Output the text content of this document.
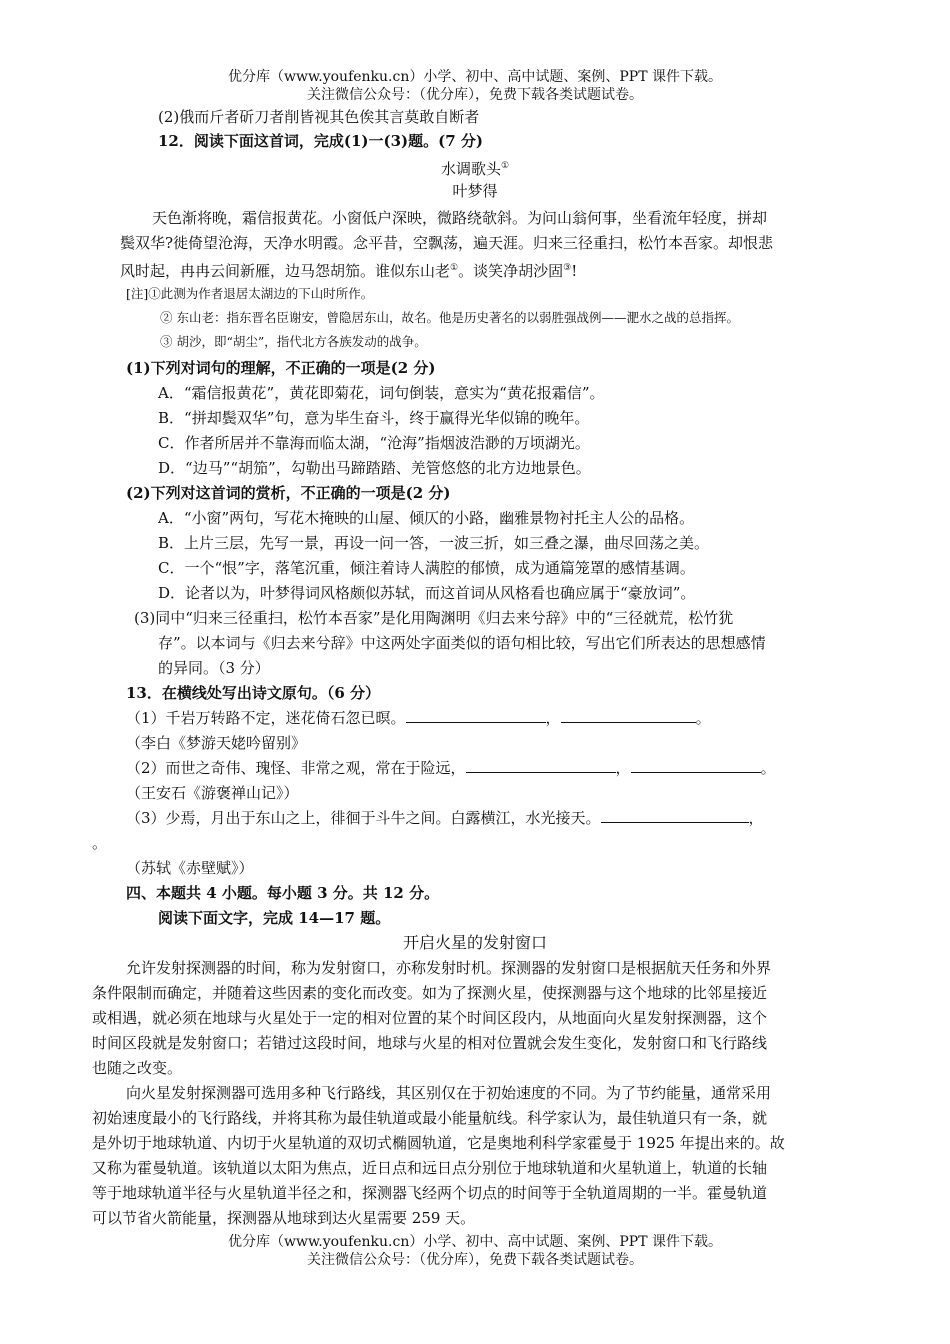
优分库（www.youfenku.cn）小学、初中、高中试题、案例、PPT 课件下载。
关注微信公众号：（优分库），免费下载各类试题试卷。
(2)俄而斤者斫刀者削皆视其色俟其言莫敢自断者
12．阅读下面这首词，完成(1)一(3)题。(7 分)
水调歌头①
叶梦得
天色渐将晚，霜信报黄花。小窗低户深映，微路绕欹斜。为问山翁何事，坐看流年轻度，拼却
鬓双华?徙倚望沧海，天净水明霞。念平昔，空飘荡，遍天涯。归来三径重扫，松竹本吾家。却恨悲
风时起，冉冉云间新雁，边马怨胡笳。谁似东山老①。谈笑净胡沙固③!
[注]①此测为作者退居太湖边的下山时所作。
② 东山老：指东晋名臣谢安，曾隐居东山，故名。他是历史著名的以弱胜强战例——淝水之战的总指挥。
③ 胡沙，即“胡尘”，指代北方各族发动的战争。
(1)下列对词句的理解，不正确的一项是(2 分)
A．“霜信报黄花”，黄花即菊花，词句倒装，意实为“黄花报霜信”。
B．“拼却鬓双华”句，意为毕生奋斗，终于赢得光华似锦的晚年。
C．作者所居并不靠海而临太湖，“沧海”指烟波浩渺的万顷湖光。
D．“边马”“胡笳”，勾勒出马蹄踏踏、羌管悠悠的北方边地景色。
(2)下列对这首词的赏析，不正确的一项是(2 分)
A．“小窗”两句，写花木掩映的山屋、倾仄的小路，幽雅景物衬托主人公的品格。
B．上片三层，先写一景，再设一问一答，一波三折，如三叠之瀑，曲尽回荡之美。
C．一个“恨”字，落笔沉重，倾注着诗人满腔的郁愤，成为通篇笼罩的感情基调。
D．论者以为，叶梦得词风格颇似苏轼，而这首词从风格看也确应属于“豪放词”。
(3)同中“归来三径重扫，松竹本吾家”是化用陶渊明《归去来兮辞》中的“三径就荒，松竹犹
存”。以本词与《归去来兮辞》中这两处字面类似的语句相比较，写出它们所表达的思想感情
的异同。（3 分）
13．在横线处写出诗文原句。（6 分）
（1）千岩万转路不定，迷花倚石忽已暝。	，	。
（李白《梦游天姥吟留别》
（2）而世之奇伟、瑰怪、非常之观，常在于险远，	，	。
（王安石《游褒禅山记》）
（3）少焉，月出于东山之上，徘徊于斗牛之间。白露横江，水光接天。	，
。
（苏轼《赤壁赋》）
四、本题共 4 小题。每小题 3 分。共 12 分。
阅读下面文字，完成 14—17 题。
开启火星的发射窗口
允许发射探测器的时间，称为发射窗口，亦称发射时机。探测器的发射窗口是根据航天任务和外界
条件限制而确定，并随着这些因素的变化而改变。如为了探测火星，使探测器与这个地球的比邻星接近
或相遇，就必须在地球与火星处于一定的相对位置的某个时间区段内，从地面向火星发射探测器，这个
时间区段就是发射窗口；若错过这段时间，地球与火星的相对位置就会发生变化，发射窗口和飞行路线
也随之改变。
向火星发射探测器可选用多种飞行路线，其区别仅在于初始速度的不同。为了节约能量，通常采用
初始速度最小的飞行路线，并将其称为最佳轨道或最小能量航线。科学家认为，最佳轨道只有一条，就
是外切于地球轨道、内切于火星轨道的双切式椭圆轨道，它是奥地利科学家霍曼于 1925 年提出来的。故
又称为霍曼轨道。该轨道以太阳为焦点，近日点和远日点分别位于地球轨道和火星轨道上，轨道的长轴
等于地球轨道半径与火星轨道半径之和，探测器飞经两个切点的时间等于全轨道周期的一半。霍曼轨道
可以节省火箭能量，探测器从地球到达火星需要 259 天。
优分库（www.youfenku.cn）小学、初中、高中试题、案例、PPT 课件下载。
关注微信公众号：（优分库），免费下载各类试题试卷。
